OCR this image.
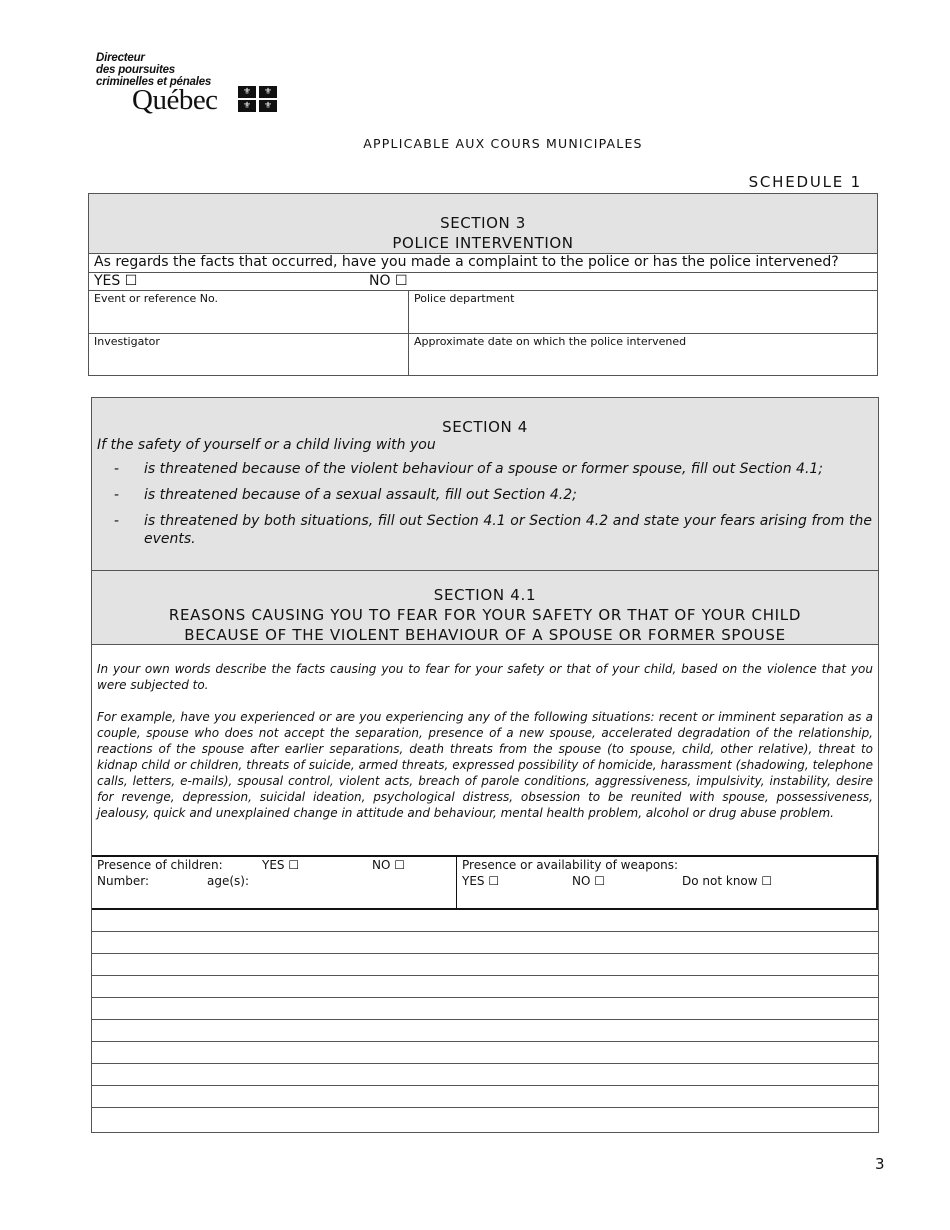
Directeur
des poursuites
criminelles et pénales
Québec	⚜	⚜
⚜	⚜
APPLICABLE AUX COURS MUNICIPALES
SCHEDULE 1
SECTION 3
POLICE INTERVENTION
As regards the facts that occurred, have you made a complaint to the police or has the police intervened?
YES ☐	NO ☐
Event or reference No.	Police department
Investigator	Approximate date on which the police intervened
SECTION 4
If the safety of yourself or a child living with you
-	is threatened because of the violent behaviour of a spouse or former spouse, fill out Section 4.1;
-	is threatened because of a sexual assault, fill out Section 4.2;
-	is threatened by both situations, fill out Section 4.1 or Section 4.2 and state your fears arising from the events.
SECTION 4.1
REASONS CAUSING YOU TO FEAR FOR YOUR SAFETY OR THAT OF YOUR CHILD
BECAUSE OF THE VIOLENT BEHAVIOUR OF A SPOUSE OR FORMER SPOUSE

In your own words describe the facts causing you to fear for your safety or that of your child, based on the violence that you were subjected to.

For example, have you experienced or are you experiencing any of the following situations: recent or imminent separation as a couple, spouse who does not accept the separation, presence of a new spouse, accelerated degradation of the relationship, reactions of the spouse after earlier separations, death threats from the spouse (to spouse, child, other relative), threat to kidnap child or children, threats of suicide, armed threats, expressed possibility of homicide, harassment (shadowing, telephone calls, letters, e-mails), spousal control, violent acts, breach of parole conditions, aggressiveness, impulsivity, instability, desire for revenge, depression, suicidal ideation, psychological distress, obsession to be reunited with spouse, possessiveness, jealousy, quick and unexplained change in attitude and behaviour, mental health problem, alcohol or drug abuse problem.

Presence of children:	YES ☐	NO ☐
Number:	age(s):
Presence or availability of weapons:
YES ☐	NO ☐	Do not know ☐
3
